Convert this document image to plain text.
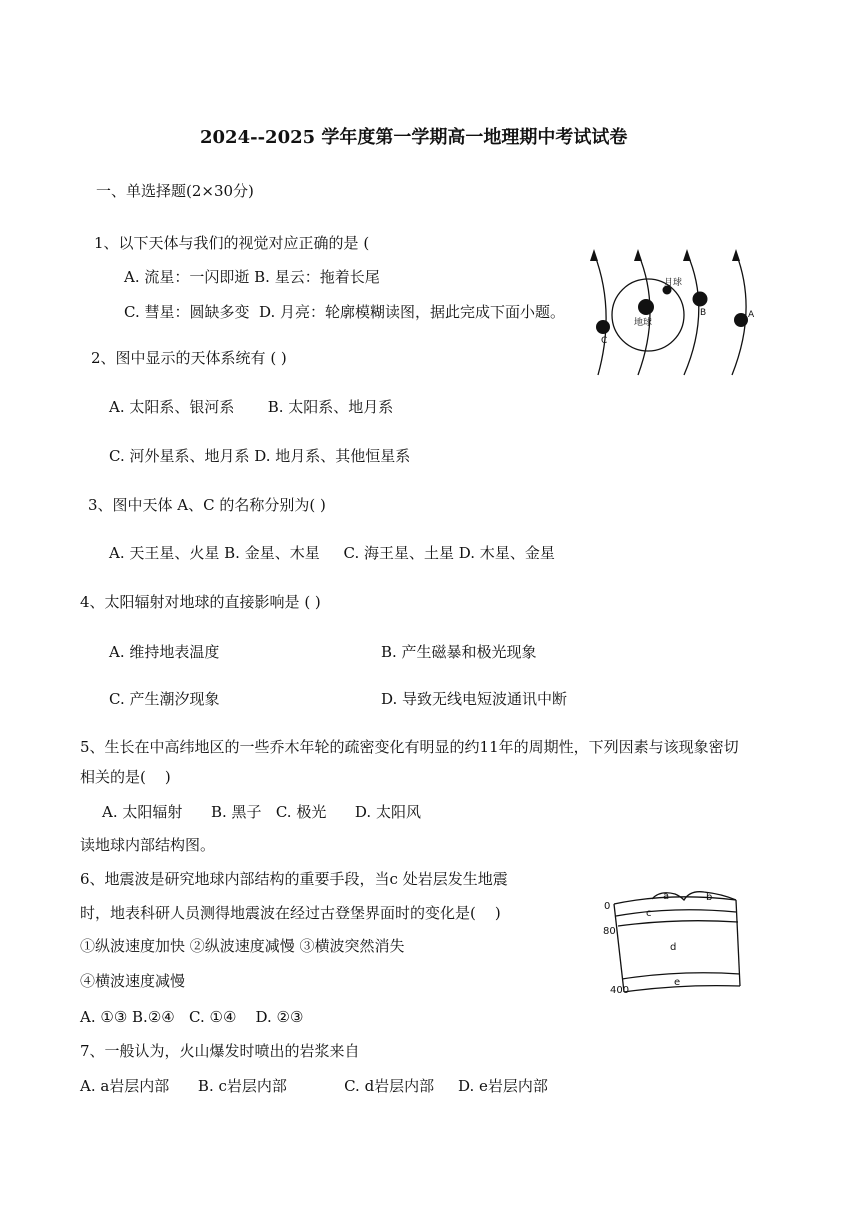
2024--2025 学年度第一学期高一地理期中考试试卷
一、单选择题(2×30分)
1、以下天体与我们的视觉对应正确的是 (
A. 流星：一闪即逝 B. 星云：拖着长尾
C. 彗星：圆缺多变  D. 月亮：轮廓模糊读图，据此完成下面小题。
2、图中显示的天体系统有 ( )
A. 太阳系、银河系       B. 太阳系、地月系
C. 河外星系、地月系 D. 地月系、其他恒星系
3、图中天体 A、C 的名称分别为( )
A. 天王星、火星 B. 金星、木星     C. 海王星、土星 D. 木星、金星
4、太阳辐射对地球的直接影响是 ( )
A. 维持地表温度	B. 产生磁暴和极光现象
C. 产生潮汐现象	D. 导致无线电短波通讯中断
5、生长在中高纬地区的一些乔木年轮的疏密变化有明显的约11年的周期性，下列因素与该现象密切
相关的是(    )
A. 太阳辐射      B. 黑子   C. 极光      D. 太阳风
读地球内部结构图。
6、地震波是研究地球内部结构的重要手段，当c 处岩层发生地震
时，地表科研人员测得地震波在经过古登堡界面时的变化是(    )
①纵波速度加快 ②纵波速度减慢 ③横波突然消失
④横波速度减慢
A. ①③ B.②④   C. ①④    D. ②③
7、一般认为，火山爆发时喷出的岩浆来自
A. a岩层内部      B. c岩层内部            C. d岩层内部     D. e岩层内部
月球
地球
B
C
A
0
80
400
a	b
c
d
e
